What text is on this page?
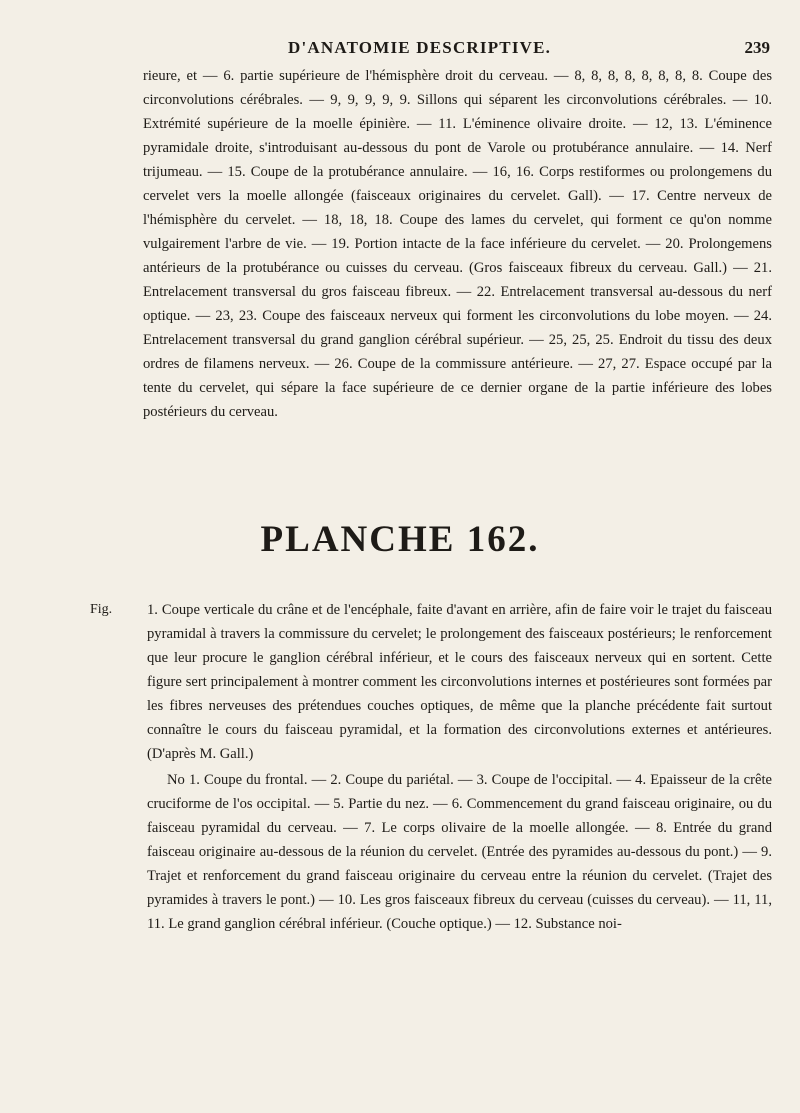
D'ANATOMIE DESCRIPTIVE.	239

rieure, et — 6. partie supérieure de l'hémisphère droit du cerveau. — 8, 8, 8, 8, 8, 8, 8, 8. Coupe des circonvolutions cérébrales. — 9, 9, 9, 9, 9. Sillons qui séparent les circonvolutions cérébrales. — 10. Extrémité supérieure de la moelle épinière. — 11. L'éminence olivaire droite. — 12, 13. L'éminence pyramidale droite, s'introduisant au-dessous du pont de Varole ou protubérance annulaire. — 14. Nerf trijumeau. — 15. Coupe de la protubérance annulaire. — 16, 16. Corps restiformes ou prolongemens du cervelet vers la moelle allongée (faisceaux originaires du cervelet. Gall). — 17. Centre nerveux de l'hémisphère du cervelet. — 18, 18, 18. Coupe des lames du cervelet, qui forment ce qu'on nomme vulgairement l'arbre de vie. — 19. Portion intacte de la face inférieure du cervelet. — 20. Prolongemens antérieurs de la protubérance ou cuisses du cerveau. (Gros faisceaux fibreux du cerveau. Gall.) — 21. Entrelacement transversal du gros faisceau fibreux. — 22. Entrelacement transversal au-dessous du nerf optique. — 23, 23. Coupe des faisceaux nerveux qui forment les circonvolutions du lobe moyen. — 24. Entrelacement transversal du grand ganglion cérébral supérieur. — 25, 25, 25. Endroit du tissu des deux ordres de filamens nerveux. — 26. Coupe de la commissure antérieure. — 27, 27. Espace occupé par la tente du cervelet, qui sépare la face supérieure de ce dernier organe de la partie inférieure des lobes postérieurs du cerveau.

PLANCHE 162.
Fig. 1. Coupe verticale du crâne et de l'encéphale, faite d'avant en arrière, afin de faire voir le trajet du faisceau pyramidal à travers la commissure du cervelet; le prolongement des faisceaux postérieurs; le renforcement que leur procure le ganglion cérébral inférieur, et le cours des faisceaux nerveux qui en sortent. Cette figure sert principalement à montrer comment les circonvolutions internes et postérieures sont formées par les fibres nerveuses des prétendues couches optiques, de même que la planche précédente fait surtout connaître le cours du faisceau pyramidal, et la formation des circonvolutions externes et antérieures. (D'après M. Gall.)

No 1. Coupe du frontal. — 2. Coupe du pariétal. — 3. Coupe de l'occipital. — 4. Epaisseur de la crête cruciforme de l'os occipital. — 5. Partie du nez. — 6. Commencement du grand faisceau originaire, ou du faisceau pyramidal du cerveau. — 7. Le corps olivaire de la moelle allongée. — 8. Entrée du grand faisceau originaire au-dessous de la réunion du cervelet. (Entrée des pyramides au-dessous du pont.) — 9. Trajet et renforcement du grand faisceau originaire du cerveau entre la réunion du cervelet. (Trajet des pyramides à travers le pont.) — 10. Les gros faisceaux fibreux du cerveau (cuisses du cerveau). — 11, 11, 11. Le grand ganglion cérébral inférieur. (Couche optique.) — 12. Substance noi-
